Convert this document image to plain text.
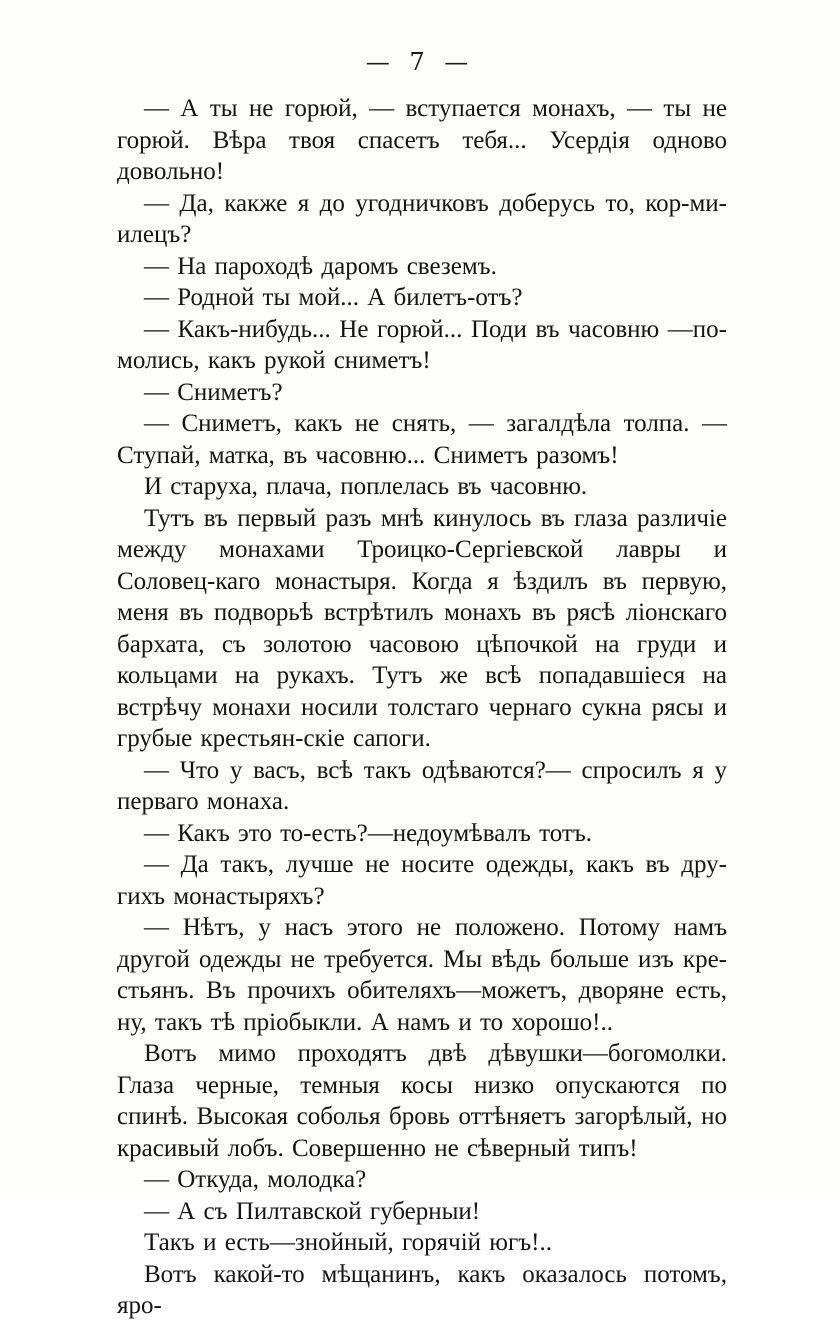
— 7 —

— А ты не горюй, — вступается монахъ, — ты не горюй. Вѣра твоя спасетъ тебя... Усердiя одново довольно!

— Да, какже я до угодничковъ доберусь то, кор-ми-илецъ?

— На пароходѣ даромъ свеземъ.

— Родной ты мой... А билетъ-отъ?

— Какъ-нибудь... Не горюй... Поди въ часовню —по-молись, какъ рукой сниметъ!

— Сниметъ?

— Сниметъ, какъ не снять, — загалдѣла толпа. — Ступай, матка, въ часовню... Сниметъ разомъ!

И старуха, плача, поплелась въ часовню.

Тутъ въ первый разъ мнѣ кинулось въ глаза различiе между монахами Троицко-Сергiевской лавры и Соловец-каго монастыря. Когда я ѣздилъ въ первую, меня въ подворьѣ встрѣтилъ монахъ въ рясѣ лiонскаго бархата, съ золотою часовою цѣпочкой на груди и кольцами на рукахъ. Тутъ же всѣ попадавшiеся на встрѣчу монахи носили толстаго чернаго сукна рясы и грубые крестьян-скiе сапоги.

— Что у васъ, всѣ такъ одѣваются?— спросилъ я у перваго монаха.

— Какъ это то-есть?—недоумѣвалъ тотъ.

— Да такъ, лучше не носите одежды, какъ въ дру-гихъ монастыряхъ?

— Нѣтъ, у насъ этого не положено. Потому намъ другой одежды не требуется. Мы вѣдь больше изъ кре-стьянъ. Въ прочихъ обителяхъ—можетъ, дворяне есть, ну, такъ тѣ прiобыкли. А намъ и то хорошо!..

Вотъ мимо проходятъ двѣ дѣвушки—богомолки. Глаза черные, темныя косы низко опускаются по спинѣ. Высокая соболья бровь оттѣняетъ загорѣлый, но красивый лобъ. Совершенно не сѣверный типъ!

— Откуда, молодка?

— А съ Пилтавской губерныи!

Такъ и есть—знойный, горячiй югъ!..

Вотъ какой-то мѣщанинъ, какъ оказалось потомъ, яро-
